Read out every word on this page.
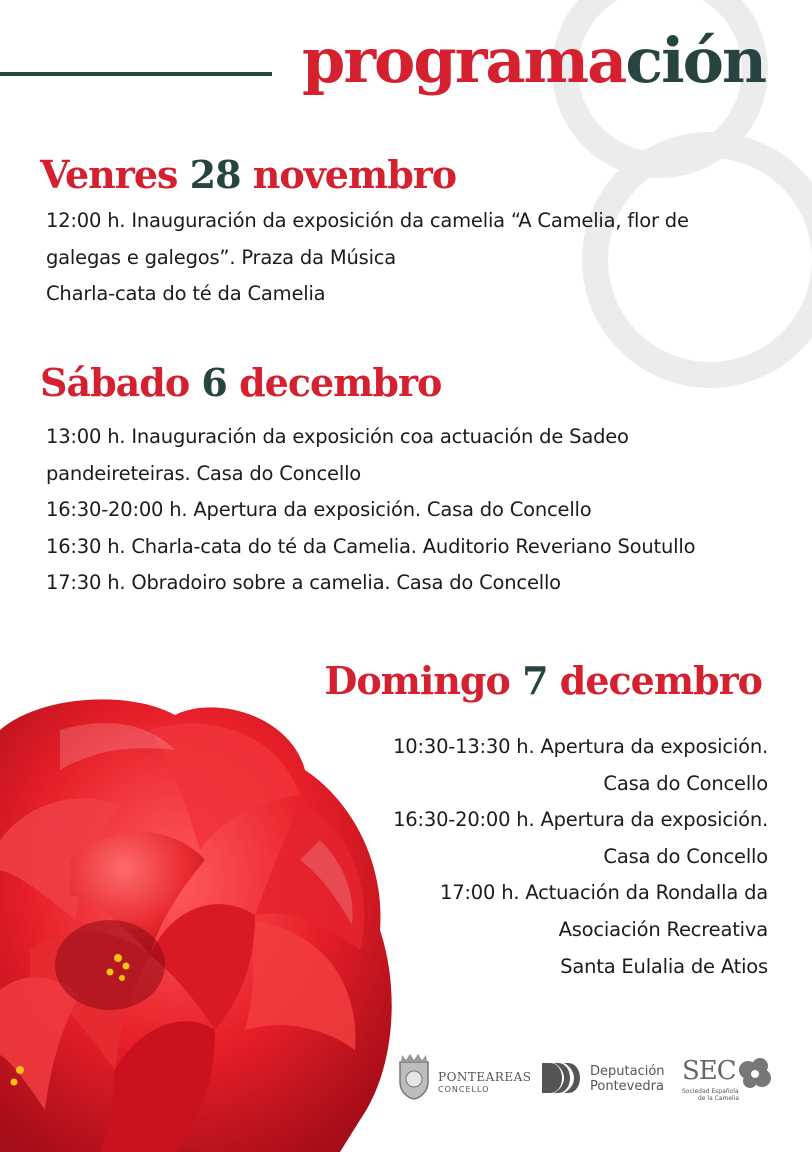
programación
Venres 28 novembro
12:00 h. Inauguración da exposición da camelia “A Camelia, flor de
galegas e galegos”. Praza da Música
Charla-cata do té da Camelia
Sábado 6 decembro
13:00 h. Inauguración da exposición coa actuación de Sadeo
pandeireteiras. Casa do Concello
16:30-20:00 h. Apertura da exposición. Casa do Concello
16:30 h. Charla-cata do té da Camelia. Auditorio Reveriano Soutullo
17:30 h. Obradoiro sobre a camelia. Casa do Concello
Domingo 7 decembro
10:30-13:30 h. Apertura da exposición.
Casa do Concello
16:30-20:00 h. Apertura da exposición.
Casa do Concello
17:00 h. Actuación da Rondalla da
Asociación Recreativa
Santa Eulalia de Atios
PONTEAREAS
CONCELLO
Deputación
Pontevedra
SEC
Sociedad Española
de la Camelia
